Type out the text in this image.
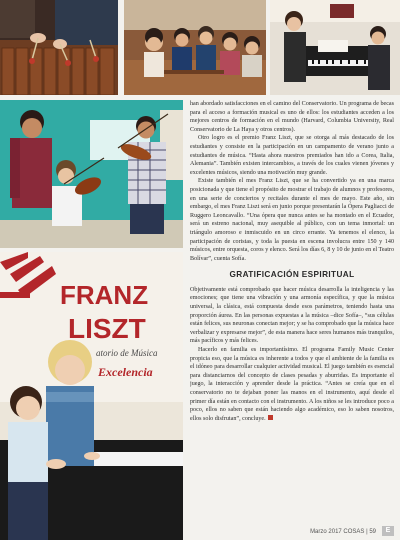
FRANZ
LISZT
atorio de Música
Excelencia

han abordado satisfacciones en el camino del Conservatorio. Un programa de becas para el acceso a formación musical es uno de ellos: los estudiantes acceden a los mejores centros de formación en el mundo (Harvard, Columbia University, Real Conservatorio de La Haya y otros centros).

Otro logro es el premio Franz Liszt, que se otorga al más destacado de los estudiantes y consiste en la participación en un campamento de verano junto a estudiantes de música. “Hasta ahora nuestros premiados han ido a Corea, Italia, Alemania”. También existen intercambios, a través de los cuales vienen jóvenes y excelentes músicos, siendo una motivación muy grande.

Existe también el mes Franz Liszt, que se ha convertido ya en una marca posicionada y que tiene el propósito de mostrar el trabajo de alumnos y profesores, en una serie de conciertos y recitales durante el mes de mayo. Este año, sin embargo, el mes Franz Liszt será en junio porque presentarán la Ópera Pagliacci de Ruggero Leoncavallo. “Una ópera que nunca antes se ha montado en el Ecuador, será un estreno nacional, muy asequible al público, con un tema inmortal: un triángulo amoroso e inmiscuido en un circo errante. Ya tenemos el elenco, la participación de coristas, y toda la puesta en escena involucra entre 150 y 140 músicos, entre orquesta, coros y elenco. Será los días 6, 8 y 10 de junio en el Teatro Bolívar”, cuenta Sofía.

GRATIFICACIÓN ESPIRITUAL

Objetivamente está comprobado que hacer música desarrolla la inteligencia y las emociones; que tiene una vibración y una armonía específica, y que la música universal, la clásica, está compuesta desde esos parámetros, teniendo hasta una proporción áurea. En las personas expuestas a la música –dice Sofía–, “sus células están felices, sus neuronas conectan mejor; y se ha comprobado que la música hace verbalizar y expresarse mejor”, de esta manera hace seres humanos más tranquilos, más pacíficos y más felices.

Hacerlo en familia es importantísimo. El programa Family Music Center propicia eso, que la música es inherente a todos y que el ambiente de la familia es el idóneo para desarrollar cualquier actividad musical. El juego también es esencial para distanciarnos del concepto de clases pesadas y aburridas. Es importante el juego, la interacción y aprender desde la práctica. “Antes se creía que en el conservatorio no te dejaban poner las manos en el instrumento, aquí desde el primer día están en contacto con el instrumento. A los niños se les introduce poco a poco, ellos no saben que están haciendo algo académico, eso lo saben nosotros, ellos solo disfrutan”, concluye.

Marzo 2017 COSAS | 59	E
